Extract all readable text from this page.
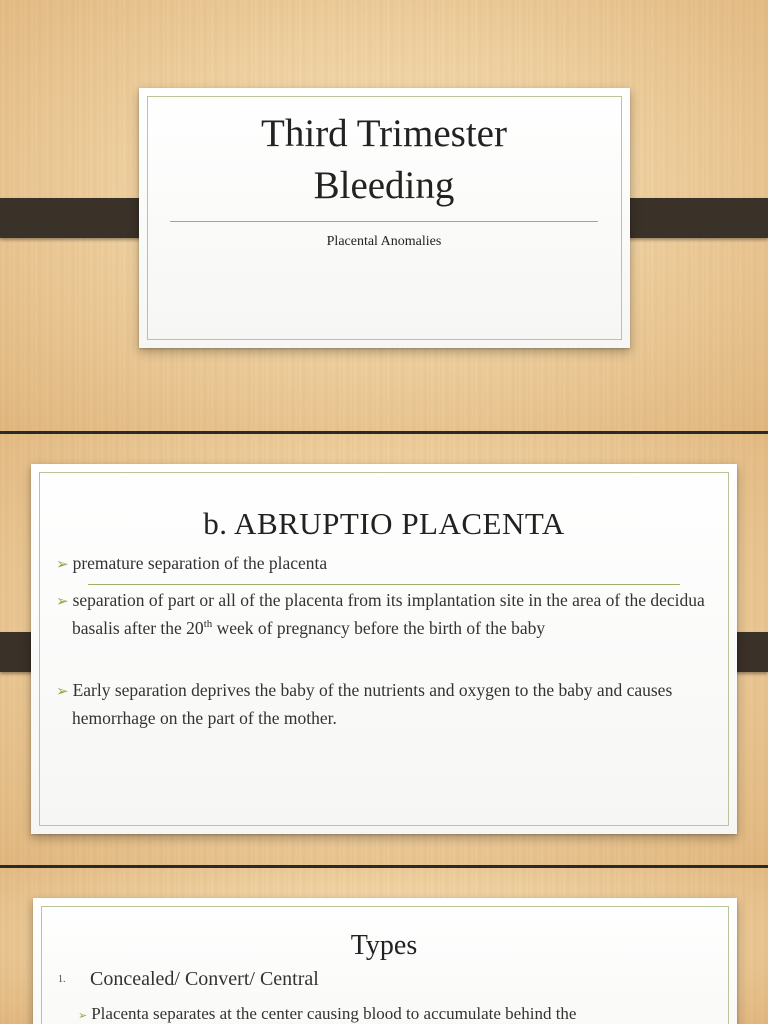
Third Trimester
Bleeding
Placental Anomalies
b. ABRUPTIO PLACENTA
➢ premature separation of the placenta
➢ separation of part or all of the placenta from its implantation site in the area of the decidua basalis after the 20th week of pregnancy before the birth of the baby
➢ Early separation deprives the baby of the nutrients and oxygen to the baby and causes hemorrhage on the part of the mother.
Types
1. Concealed/ Convert/ Central
➢ Placenta separates at the center causing blood to accumulate behind the
